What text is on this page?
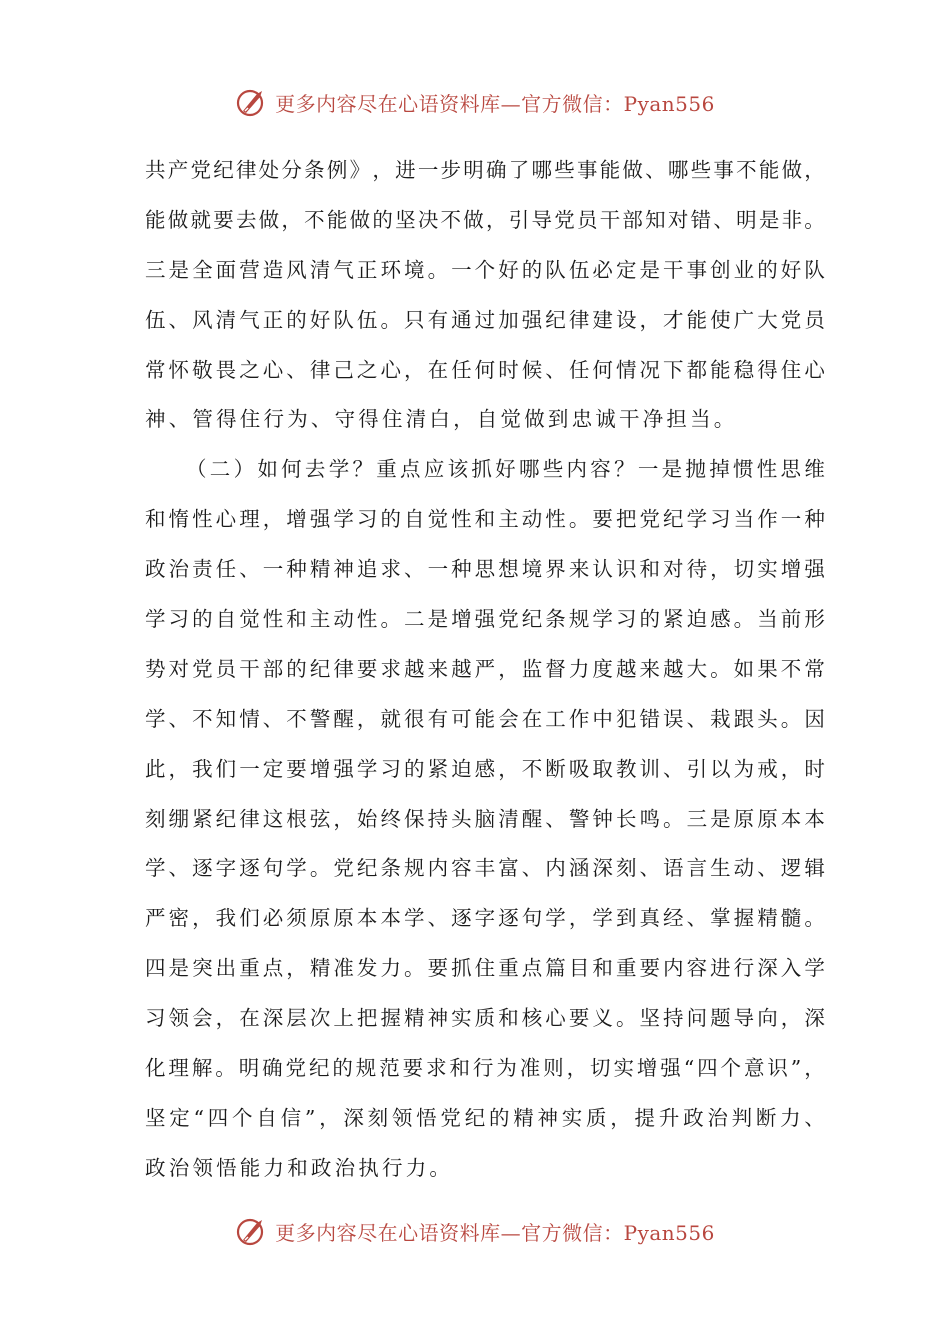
更多内容尽在心语资料库—官方微信：Pyan556
共 产 党 纪 律 处 分 条 例 》 ， 进 一 步 明 确 了 哪 些 事 能 做 、 哪 些 事 不 能 做 ，
能 做 就 要 去 做 ， 不 能 做 的 坚 决 不 做 ， 引 导 党 员 干 部 知 对 错 、 明 是 非 。
三 是 全 面 营 造 风 清 气 正 环 境 。 一 个 好 的 队 伍 必 定 是 干 事 创 业 的 好 队
伍 、 风 清 气 正 的 好 队 伍 。 只 有 通 过 加 强 纪 律 建 设 ， 才 能 使 广 大 党 员
常 怀 敬 畏 之 心 、 律 己 之 心 ， 在 任 何 时 候 、 任 何 情 况 下 都 能 稳 得 住 心
神、管得住行为、守得住清白，自觉做到忠诚干净担当。
（ 二 ） 如 何 去 学 ？ 重 点 应 该 抓 好 哪 些 内 容 ？ 一 是 抛 掉 惯 性 思 维
和 惰 性 心 理 ， 增 强 学 习 的 自 觉 性 和 主 动 性 。 要 把 党 纪 学 习 当 作 一 种
政 治 责 任 、 一 种 精 神 追 求 、 一 种 思 想 境 界 来 认 识 和 对 待 ， 切 实 增 强
学 习 的 自 觉 性 和 主 动 性 。 二 是 增 强 党 纪 条 规 学 习 的 紧 迫 感 。 当 前 形
势 对 党 员 干 部 的 纪 律 要 求 越 来 越 严 ， 监 督 力 度 越 来 越 大 。 如 果 不 常
学 、 不 知 情 、 不 警 醒 ， 就 很 有 可 能 会 在 工 作 中 犯 错 误 、 栽 跟 头 。 因
此 ， 我 们 一 定 要 增 强 学 习 的 紧 迫 感 ， 不 断 吸 取 教 训 、 引 以 为 戒 ， 时
刻 绷 紧 纪 律 这 根 弦 ， 始 终 保 持 头 脑 清 醒 、 警 钟 长 鸣 。 三 是 原 原 本 本
学 、 逐 字 逐 句 学 。 党 纪 条 规 内 容 丰 富 、 内 涵 深 刻 、 语 言 生 动 、 逻 辑
严 密 ， 我 们 必 须 原 原 本 本 学 、 逐 字 逐 句 学 ， 学 到 真 经 、 掌 握 精 髓 。
四 是 突 出 重 点 ， 精 准 发 力 。 要 抓 住 重 点 篇 目 和 重 要 内 容 进 行 深 入 学
习 领 会 ， 在 深 层 次 上 把 握 精 神 实 质 和 核 心 要 义 。 坚 持 问 题 导 向 ， 深
化 理 解 。 明 确 党 纪 的 规 范 要 求 和 行 为 准 则 ， 切 实 增 强 “ 四 个 意 识 ” ，
坚 定 “ 四 个 自 信 ” ， 深 刻 领 悟 党 纪 的 精 神 实 质 ， 提 升 政 治 判 断 力 、
政治领悟能力和政治执行力。
更多内容尽在心语资料库—官方微信：Pyan556
